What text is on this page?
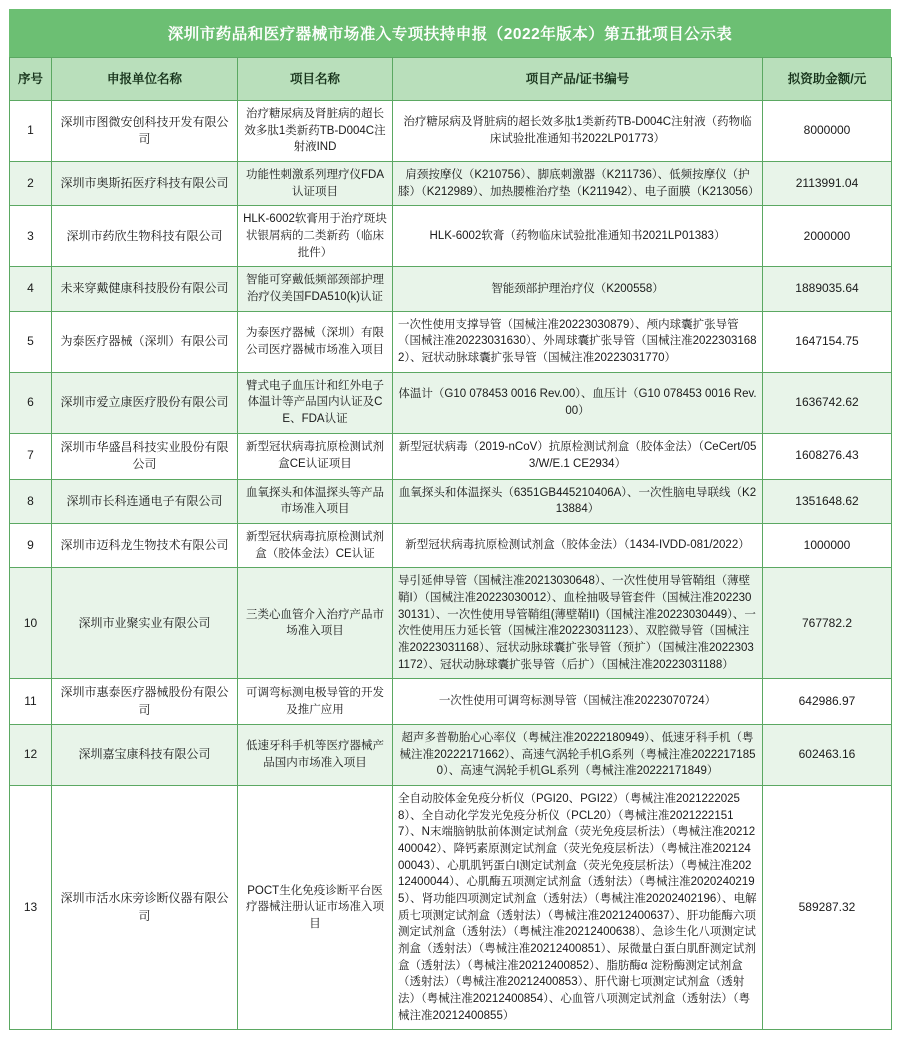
深圳市药品和医疗器械市场准入专项扶持申报（2022年版本）第五批项目公示表
序号	申报单位名称	项目名称	项目产品/证书编号	拟资助金额/元
1	深圳市图微安创科技开发有限公司	治疗糖尿病及肾脏病的超长效多肽1类新药TB-D004C注射液IND	治疗糖尿病及肾脏病的超长效多肽1类新药TB-D004C注射液（药物临床试验批准通知书2022LP01773）	8000000
2	深圳市奥斯拓医疗科技有限公司	功能性刺激系列理疗仪FDA认证项目	肩颈按摩仪（K210756）、脚底刺激器（K211736）、低频按摩仪（护膝）（K212989）、加热腰椎治疗垫（K211942）、电子面膜（K213056）	2113991.04
3	深圳市药欣生物科技有限公司	HLK-6002软膏用于治疗斑块状银屑病的二类新药（临床批件）	HLK-6002软膏（药物临床试验批准通知书2021LP01383）	2000000
4	未来穿戴健康科技股份有限公司	智能可穿戴低频部颈部护理治疗仪美国FDA510(k)认证	智能颈部护理治疗仪（K200558）	1889035.64
5	为泰医疗器械（深圳）有限公司	为泰医疗器械（深圳）有限公司医疗器械市场准入项目	一次性使用支撑导管（国械注准20223030879）、颅内球囊扩张导管（国械注准20223031630）、外周球囊扩张导管（国械注准20223031682）、冠状动脉球囊扩张导管（国械注准20223031770）	1647154.75
6	深圳市爱立康医疗股份有限公司	臂式电子血压计和红外电子体温计等产品国内认证及CE、FDA认证	体温计（G10 078453 0016 Rev.00）、血压计（G10 078453 0016 Rev.00）	1636742.62
7	深圳市华盛昌科技实业股份有限公司	新型冠状病毒抗原检测试剂盒CE认证项目	新型冠状病毒（2019-nCoV）抗原检测试剂盒（胶体金法）（CeCert/053/W/E.1 CE2934）	1608276.43
8	深圳市长科连通电子有限公司	血氧探头和体温探头等产品市场准入项目	血氧探头和体温探头（6351GB445210406A）、一次性脑电导联线（K213884）	1351648.62
9	深圳市迈科龙生物技术有限公司	新型冠状病毒抗原检测试剂盒（胶体金法）CE认证	新型冠状病毒抗原检测试剂盒（胶体金法）（1434-IVDD-081/2022）	1000000
10	深圳市业聚实业有限公司	三类心血管介入治疗产品市场准入项目	导引延伸导管（国械注准20213030648）、一次性使用导管鞘组（薄壁鞘I）（国械注准20223030012）、血栓抽吸导管套件（国械注准20223030131）、一次性使用导管鞘组(薄壁鞘II)（国械注准20223030449）、一次性使用压力延长管（国械注准20223031123）、双腔微导管（国械注准20223031168）、冠状动脉球囊扩张导管（预扩）（国械注准20223031172）、冠状动脉球囊扩张导管（后扩）（国械注准20223031188）	767782.2
11	深圳市惠泰医疗器械股份有限公司	可调弯标测电极导管的开发及推广应用	一次性使用可调弯标测导管（国械注准20223070724）	642986.97
12	深圳嘉宝康科技有限公司	低速牙科手机等医疗器械产品国内市场准入项目	超声多普勒胎心心率仪（粤械注准20222180949）、低速牙科手机（粤械注准20222171662）、高速气涡轮手机G系列（粤械注准20222171850）、高速气涡轮手机GL系列（粤械注准20222171849）	602463.16
13	深圳市活水床旁诊断仪器有限公司	POCT生化免疫诊断平台医疗器械注册认证市场准入项目	全自动胶体金免疫分析仪（PGI20、PGI22）（粤械注准20212220258）、全自动化学发光免疫分析仪（PCL20）（粤械注准20212221517）、N末端脑钠肽前体测定试剂盒（荧光免疫层析法）（粤械注准20212400042）、降钙素原测定试剂盒（荧光免疫层析法）（粤械注准20212400043）、心肌肌钙蛋白I测定试剂盒（荧光免疫层析法）（粤械注准20212400044）、心肌酶五项测定试剂盒（透射法）（粤械注准20202402195）、肾功能四项测定试剂盒（透射法）（粤械注准20202402196）、电解质七项测定试剂盒（透射法）（粤械注准20212400637）、肝功能酶六项测定试剂盒（透射法）（粤械注准20212400638）、急诊生化八项测定试剂盒（透射法）（粤械注准20212400851）、尿微量白蛋白肌酐测定试剂盒（透射法）（粤械注准20212400852）、脂肪酶α 淀粉酶测定试剂盒（透射法）（粤械注准20212400853）、肝代谢七项测定试剂盒（透射法）（粤械注准20212400854）、心血管八项测定试剂盒（透射法）（粤械注准20212400855）	589287.32
